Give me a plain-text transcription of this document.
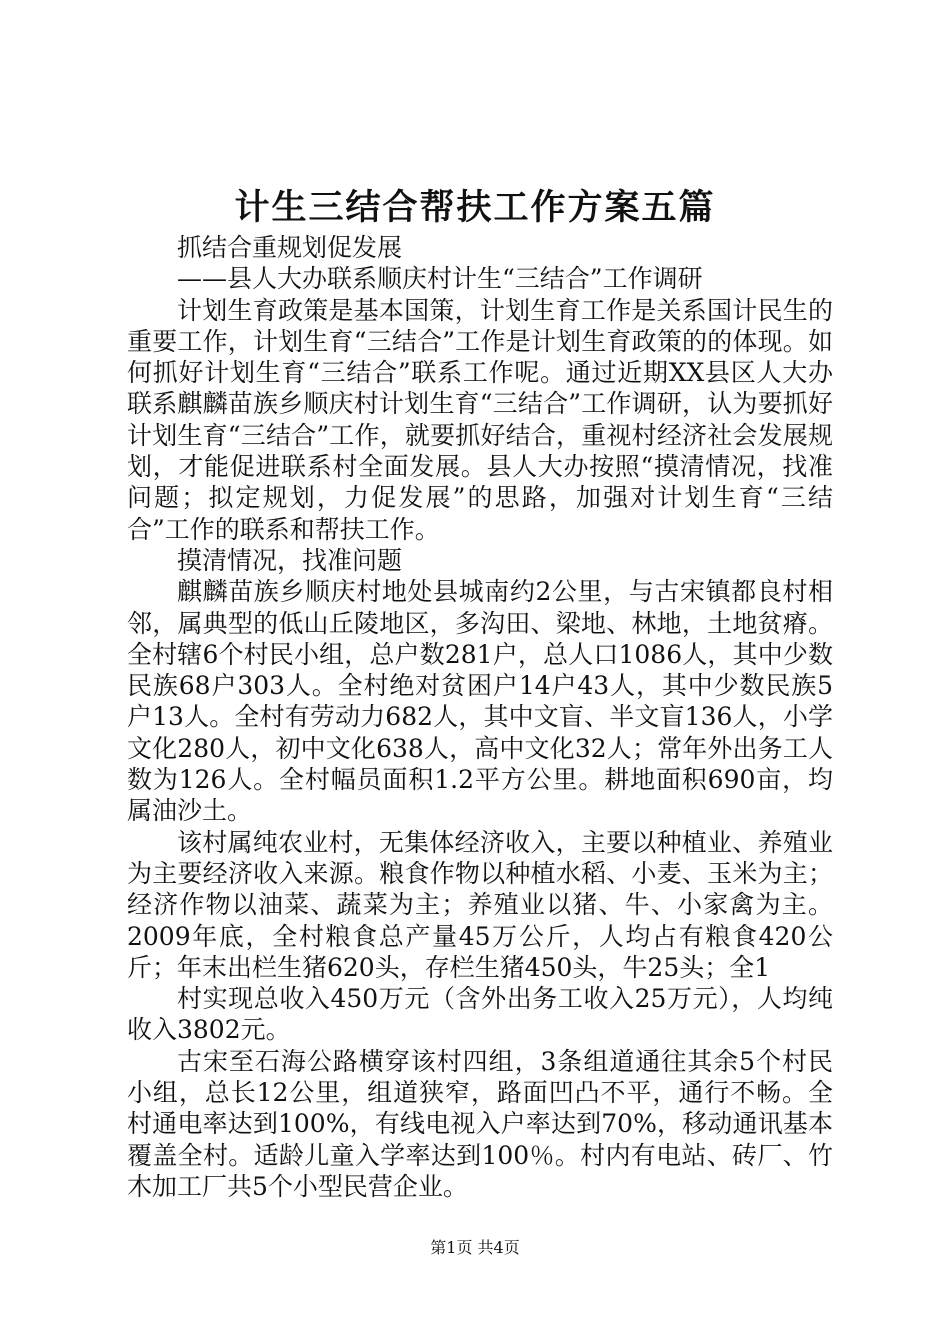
计生三结合帮扶工作方案五篇

抓结合重规划促发展

——县人大办联系顺庆村计生“三结合”工作调研

计划生育政策是基本国策，计划生育工作是关系国计民生的重要工作，计划生育“三结合”工作是计划生育政策的的体现。如何抓好计划生育“三结合”联系工作呢。通过近期XX县区人大办联系麒麟苗族乡顺庆村计划生育“三结合”工作调研，认为要抓好计划生育“三结合”工作，就要抓好结合，重视村经济社会发展规划，才能促进联系村全面发展。县人大办按照“摸清情况，找准问题；拟定规划，力促发展”的思路，加强对计划生育“三结合”工作的联系和帮扶工作。

摸清情况，找准问题

麒麟苗族乡顺庆村地处县城南约2公里，与古宋镇都良村相邻，属典型的低山丘陵地区，多沟田、梁地、林地，土地贫瘠。全村辖6个村民小组，总户数281户，总人口1086人，其中少数民族68户303人。全村绝对贫困户14户43人，其中少数民族5户13人。全村有劳动力682人，其中文盲、半文盲136人，小学文化280人，初中文化638人，高中文化32人；常年外出务工人数为126人。全村幅员面积1.2平方公里。耕地面积690亩，均属油沙土。

该村属纯农业村，无集体经济收入，主要以种植业、养殖业为主要经济收入来源。粮食作物以种植水稻、小麦、玉米为主；经济作物以油菜、蔬菜为主；养殖业以猪、牛、小家禽为主。2009年底，全村粮食总产量45万公斤，人均占有粮食420公斤；年末出栏生猪620头，存栏生猪450头，牛25头；全1

村实现总收入450万元（含外出务工收入25万元），人均纯收入3802元。

古宋至石海公路横穿该村四组，3条组道通往其余5个村民小组，总长12公里，组道狭窄，路面凹凸不平，通行不畅。全村通电率达到100%，有线电视入户率达到70%，移动通讯基本覆盖全村。适龄儿童入学率达到100％。村内有电站、砖厂、竹木加工厂共5个小型民营企业。

第1页 共4页
